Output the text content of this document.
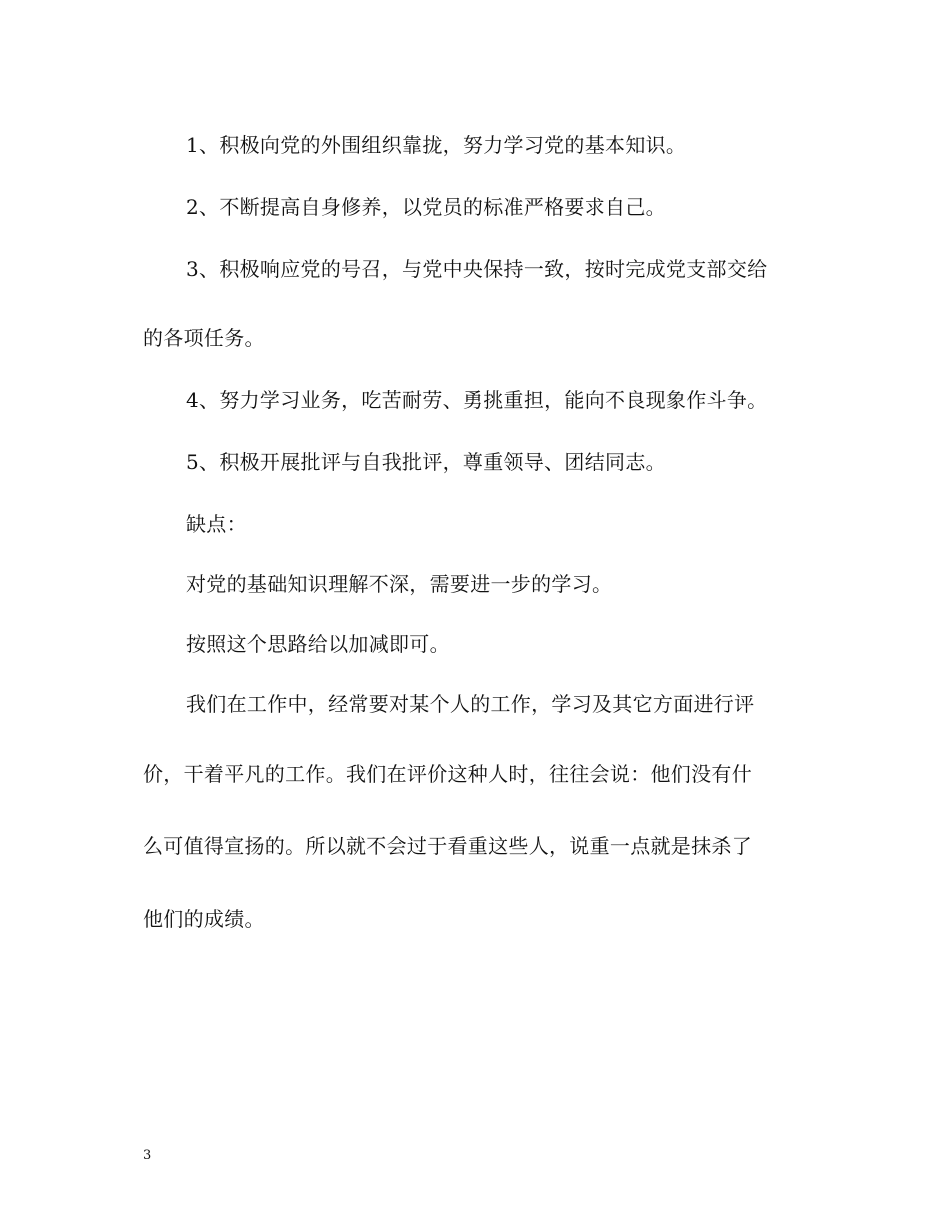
1、积极向党的外围组织靠拢，努力学习党的基本知识。
2、不断提高自身修养，以党员的标准严格要求自己。
3、积极响应党的号召，与党中央保持一致，按时完成党支部交给
的各项任务。
4、努力学习业务，吃苦耐劳、勇挑重担，能向不良现象作斗争。
5、积极开展批评与自我批评，尊重领导、团结同志。
缺点：
对党的基础知识理解不深，需要进一步的学习。
按照这个思路给以加减即可。
我们在工作中，经常要对某个人的工作，学习及其它方面进行评
价，干着平凡的工作。我们在评价这种人时，往往会说：他们没有什
么可值得宣扬的。所以就不会过于看重这些人，说重一点就是抹杀了
他们的成绩。
3
